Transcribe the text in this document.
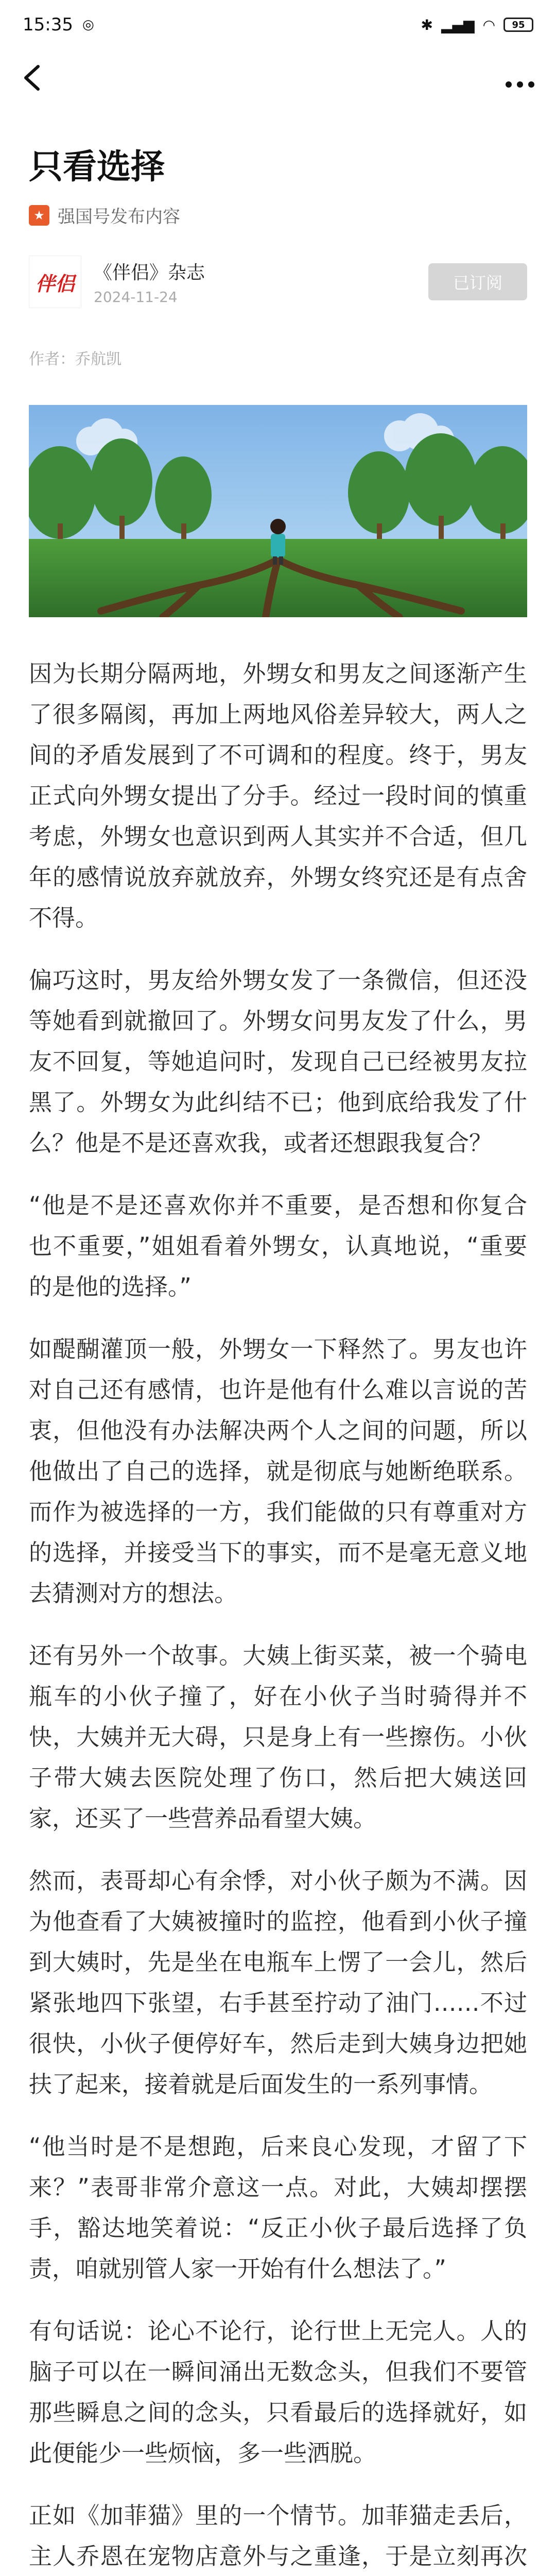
15:35 ◎	✱ ▂▄▆ ◠ 95
只看选择
★ 强国号发布内容
伴侣 《伴侣》杂志
2024-11-24
已订阅
作者：乔航凯

因为长期分隔两地，外甥女和男友之间逐渐产生了很多隔阂，再加上两地风俗差异较大，两人之间的矛盾发展到了不可调和的程度。终于，男友正式向外甥女提出了分手。经过一段时间的慎重考虑，外甥女也意识到两人其实并不合适，但几年的感情说放弃就放弃，外甥女终究还是有点舍不得。

偏巧这时，男友给外甥女发了一条微信，但还没等她看到就撤回了。外甥女问男友发了什么，男友不回复，等她追问时，发现自己已经被男友拉黑了。外甥女为此纠结不已；他到底给我发了什么？他是不是还喜欢我，或者还想跟我复合？

“他是不是还喜欢你并不重要，是否想和你复合也不重要，”姐姐看着外甥女，认真地说，“重要的是他的选择。”

如醍醐灌顶一般，外甥女一下释然了。男友也许对自己还有感情，也许是他有什么难以言说的苦衷，但他没有办法解决两个人之间的问题，所以他做出了自己的选择，就是彻底与她断绝联系。而作为被选择的一方，我们能做的只有尊重对方的选择，并接受当下的事实，而不是毫无意义地去猜测对方的想法。

还有另外一个故事。大姨上街买菜，被一个骑电瓶车的小伙子撞了，好在小伙子当时骑得并不快，大姨并无大碍，只是身上有一些擦伤。小伙子带大姨去医院处理了伤口，然后把大姨送回家，还买了一些营养品看望大姨。

然而，表哥却心有余悸，对小伙子颇为不满。因为他查看了大姨被撞时的监控，他看到小伙子撞到大姨时，先是坐在电瓶车上愣了一会儿，然后紧张地四下张望，右手甚至拧动了油门……不过很快，小伙子便停好车，然后走到大姨身边把她扶了起来，接着就是后面发生的一系列事情。

“他当时是不是想跑，后来良心发现，才留了下来？”表哥非常介意这一点。对此，大姨却摆摆手，豁达地笑着说：“反正小伙子最后选择了负责，咱就别管人家一开始有什么想法了。”

有句话说：论心不论行，论行世上无完人。人的脑子可以在一瞬间涌出无数念头，但我们不要管那些瞬息之间的念头，只看最后的选择就好，如此便能少一些烦恼，多一些洒脱。

正如《加菲猫》里的一个情节。加菲猫走丢后，主人乔恩在宠物店意外与之重逢，于是立刻再次
